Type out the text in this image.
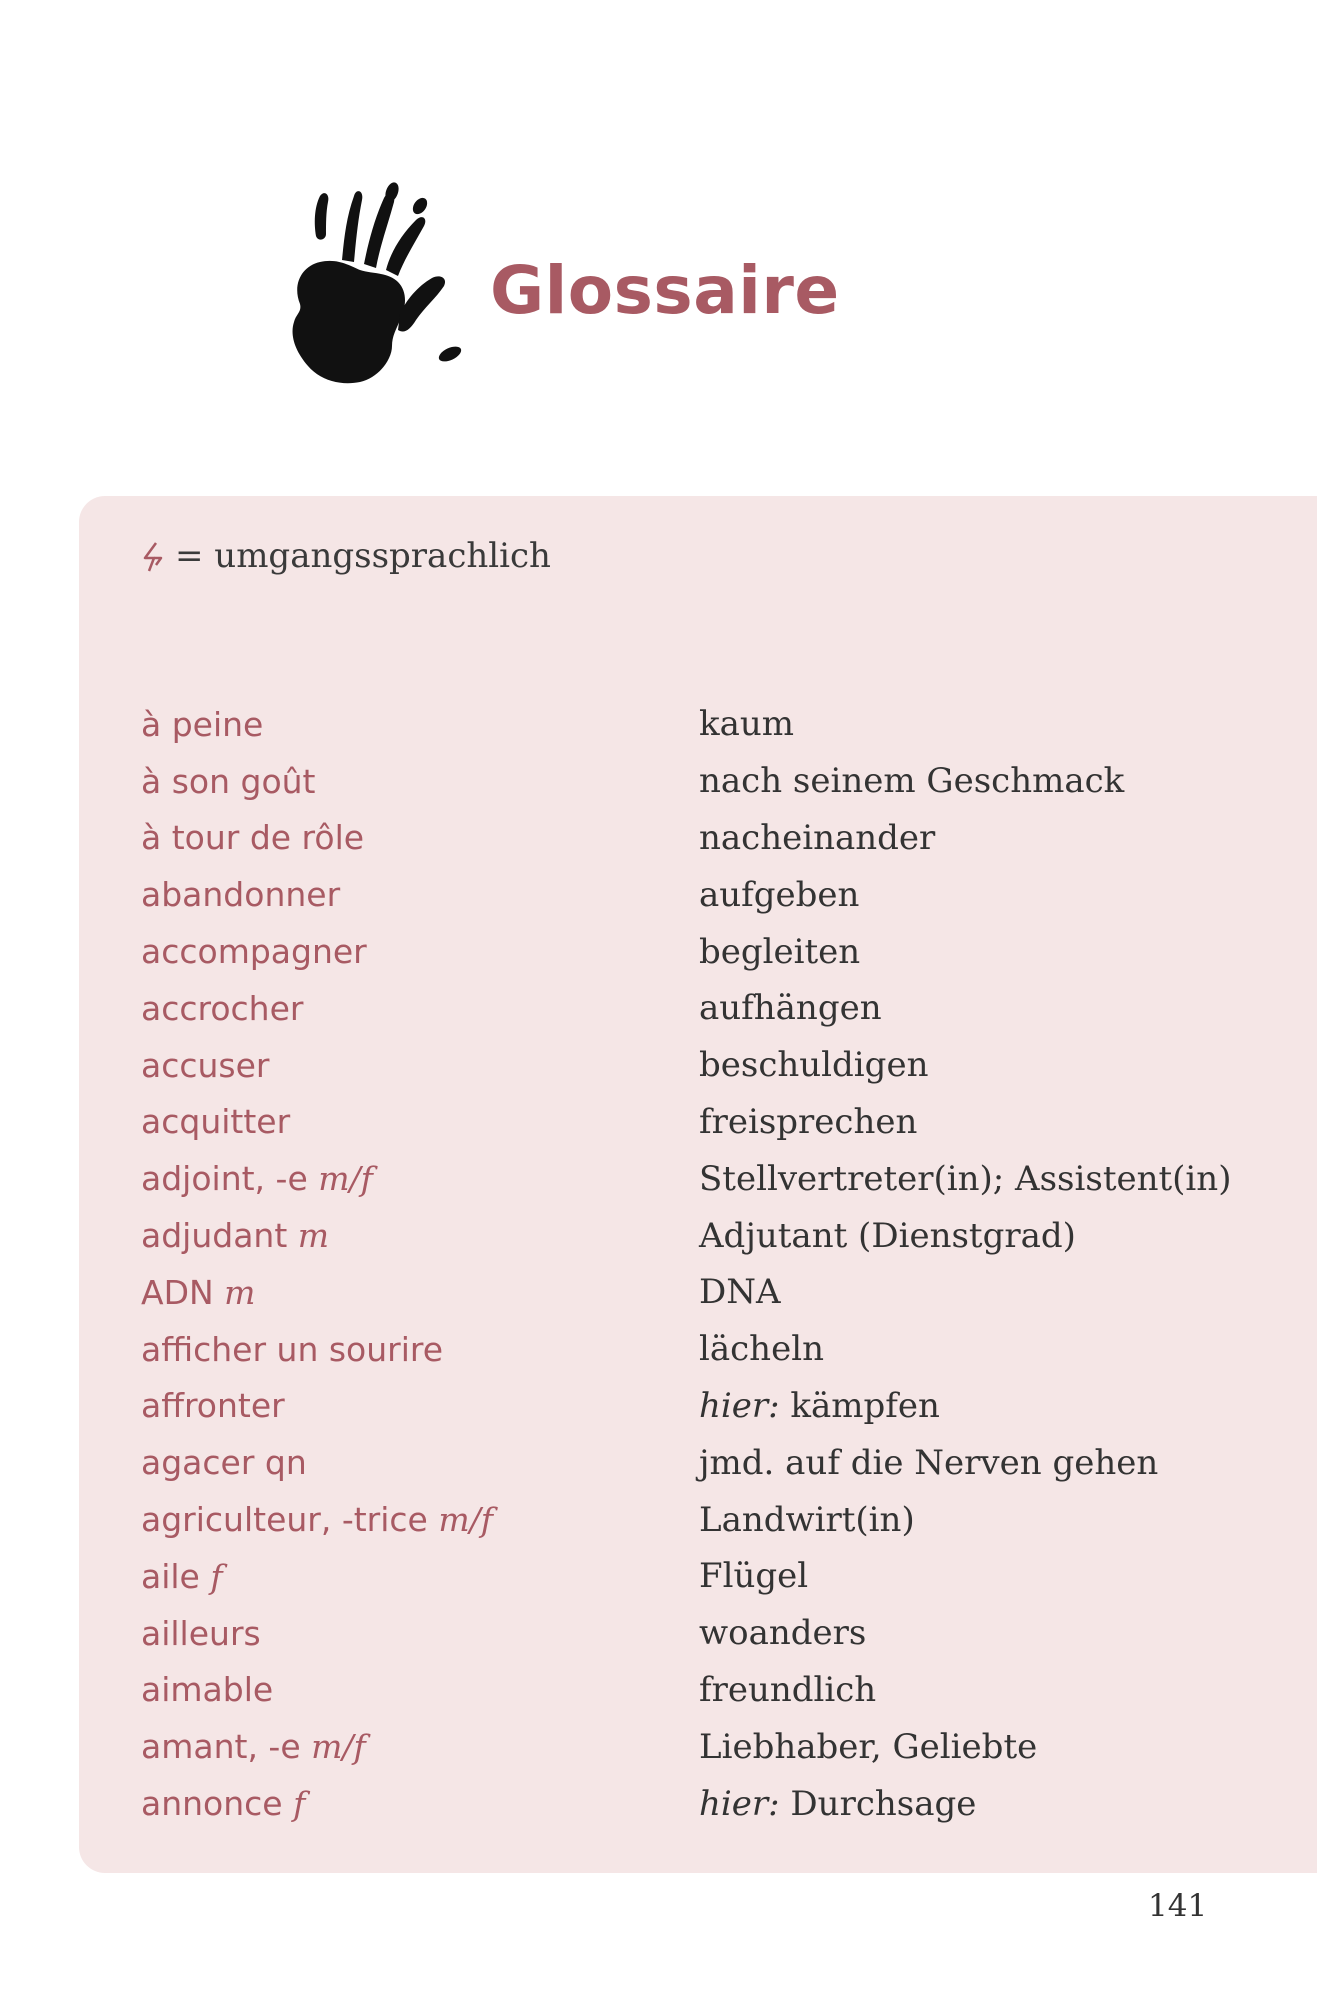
Glossaire
= umgangssprachlich
à peine	kaum
à son goût	nach seinem Geschmack
à tour de rôle	nacheinander
abandonner	aufgeben
accompagner	begleiten
accrocher	aufhängen
accuser	beschuldigen
acquitter	freisprechen
adjoint, -e m/f	Stellvertreter(in); Assistent(in)
adjudant m	Adjutant (Dienstgrad)
ADN m	DNA
afficher un sourire	lächeln
affronter	hier: kämpfen
agacer qn	jmd. auf die Nerven gehen
agriculteur, -trice m/f	Landwirt(in)
aile f	Flügel
ailleurs	woanders
aimable	freundlich
amant, -e m/f	Liebhaber, Geliebte
annonce f	hier: Durchsage
141
